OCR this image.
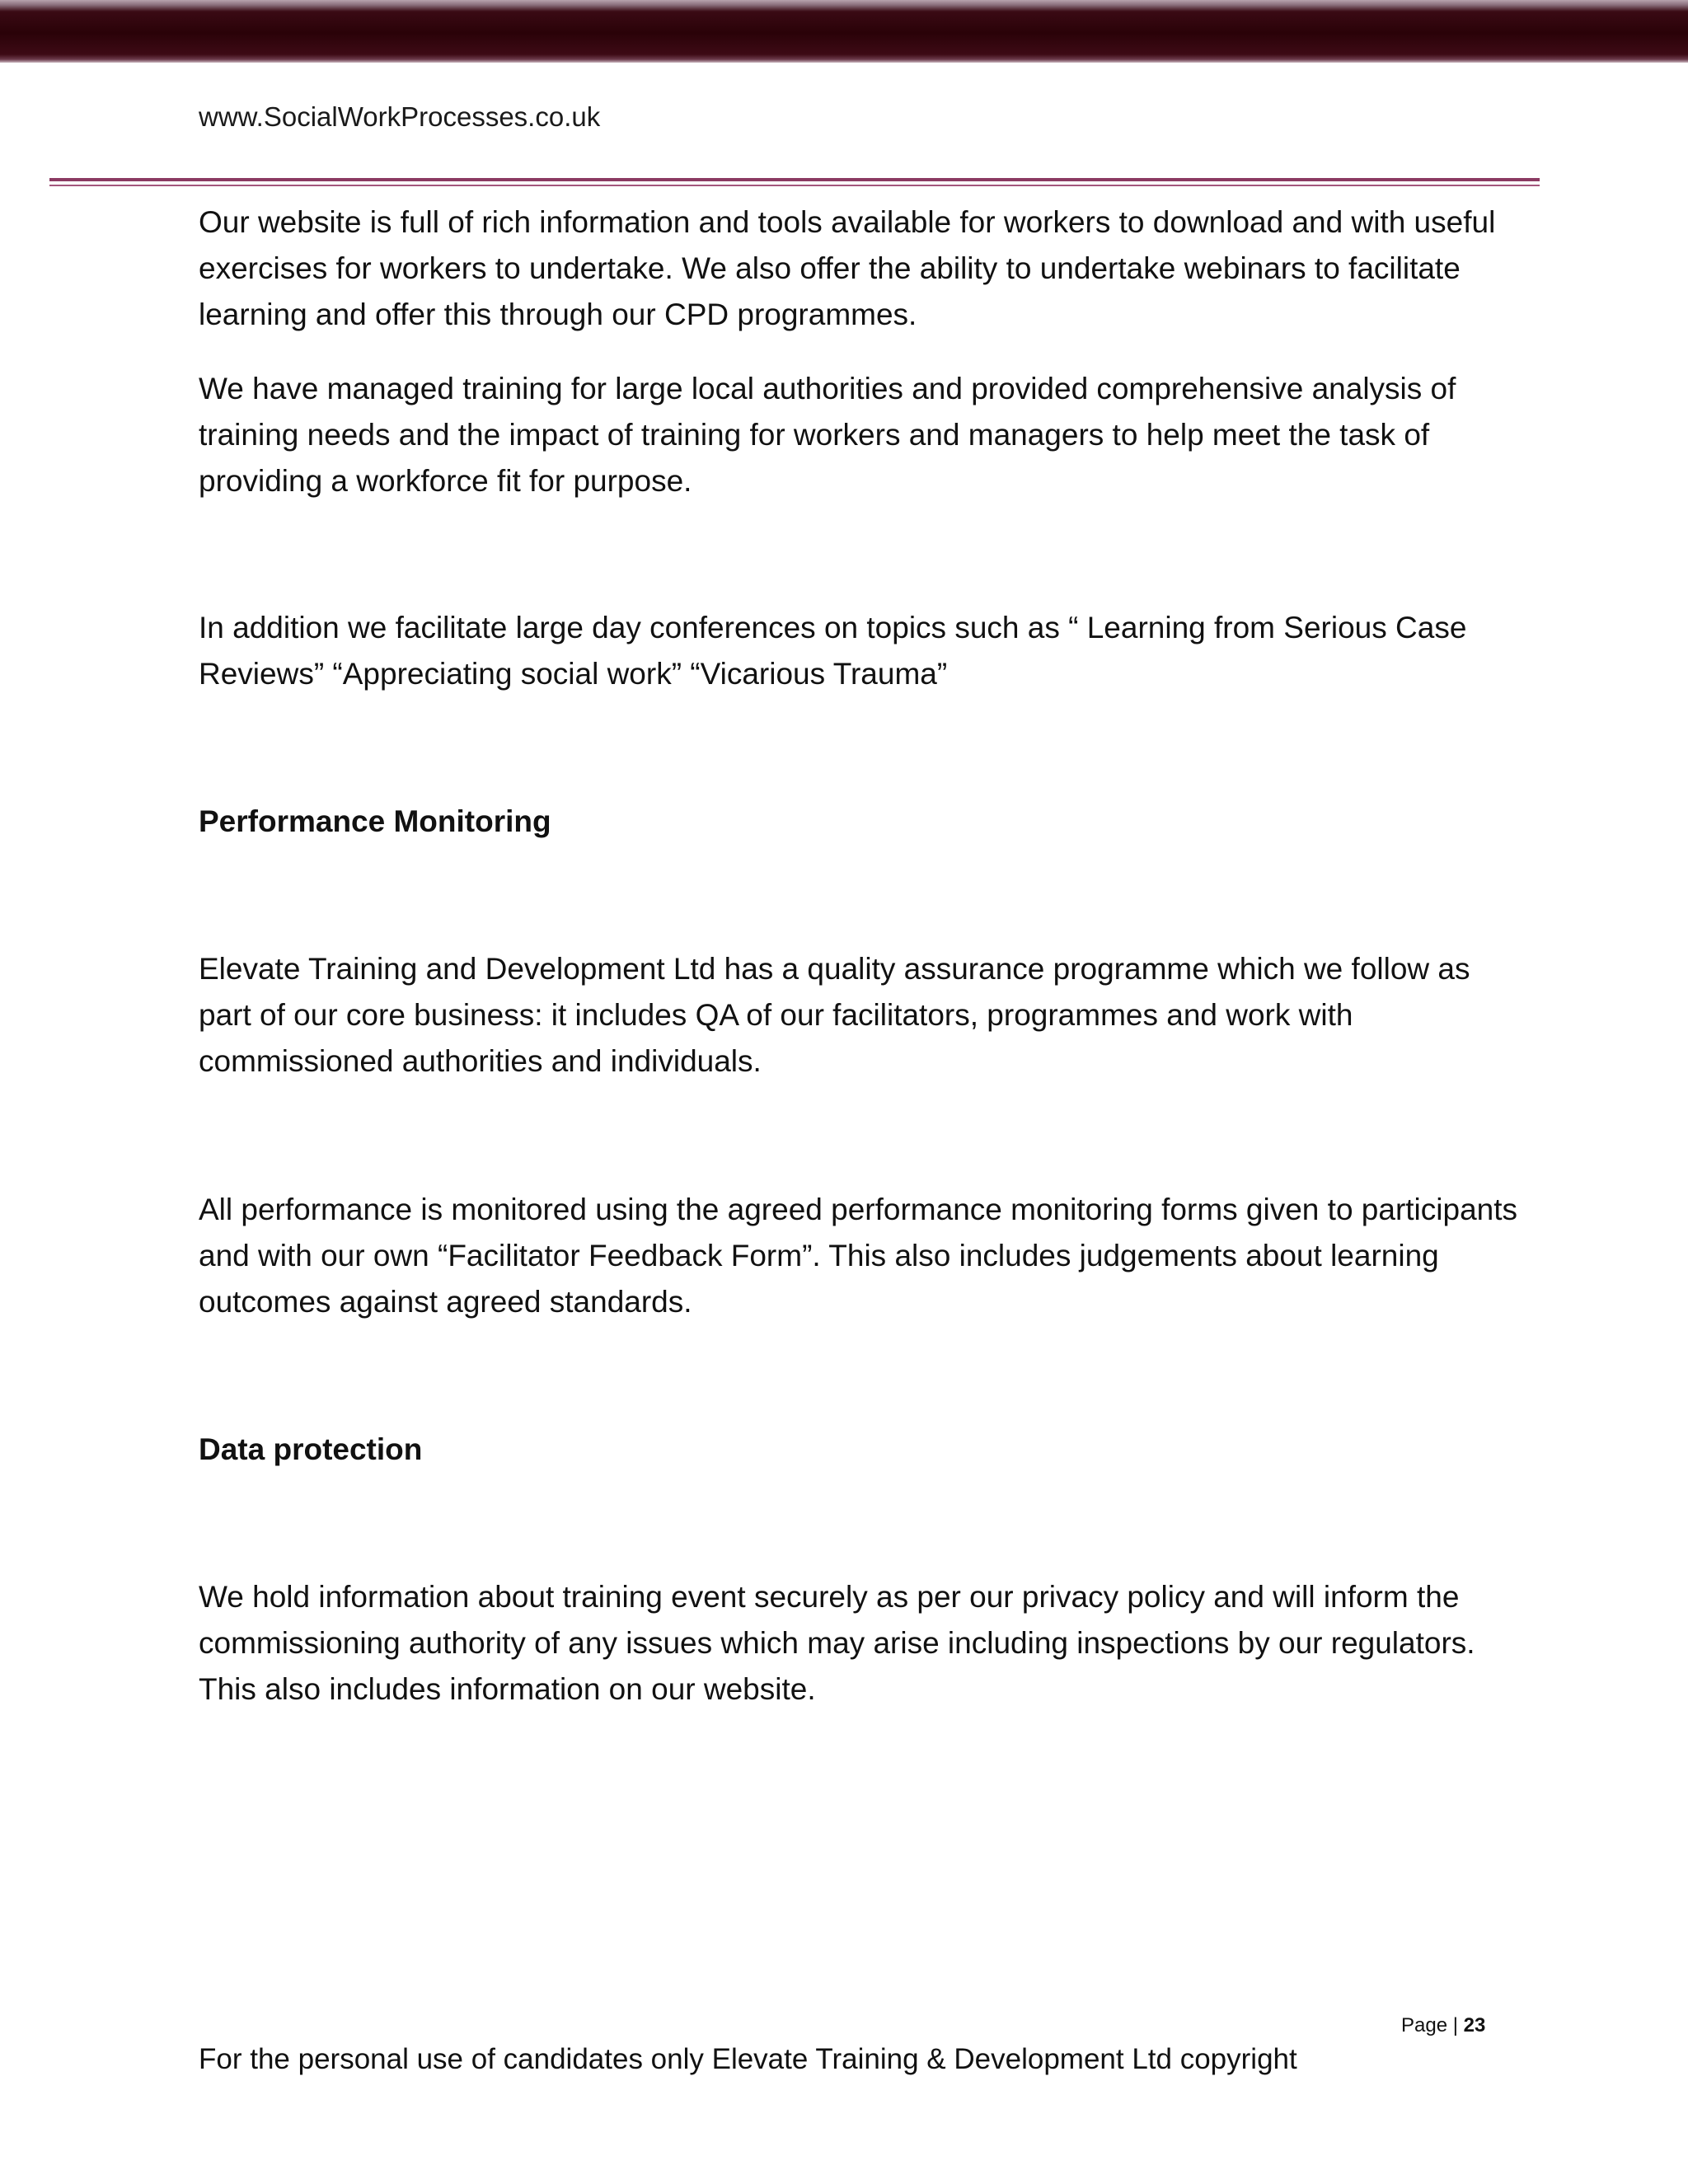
www.SocialWorkProcesses.co.uk

Our website is full of rich information and tools available for workers to download and with useful exercises for workers to undertake. We also offer the ability to undertake webinars to facilitate learning and offer this through our CPD programmes.

We have managed training for large local authorities and provided comprehensive analysis of training needs and the impact of training for workers and managers to help meet the task of providing a workforce fit for purpose.

In addition we facilitate large day conferences on topics such as “ Learning from Serious Case Reviews” “Appreciating social work” “Vicarious Trauma”

Performance Monitoring

Elevate Training and Development Ltd has a quality assurance programme which we follow as part of our core business: it includes QA of our facilitators, programmes and work with commissioned authorities and individuals.

All performance is monitored using the agreed performance monitoring forms given to participants and with our own “Facilitator Feedback Form”. This also includes judgements about learning outcomes against agreed standards.

Data protection

We hold information about training event securely as per our privacy policy and will inform the commissioning authority of any issues which may arise including inspections by our regulators. This also includes information on our website.

Page | 23
For the personal use of candidates only Elevate Training & Development Ltd copyright
